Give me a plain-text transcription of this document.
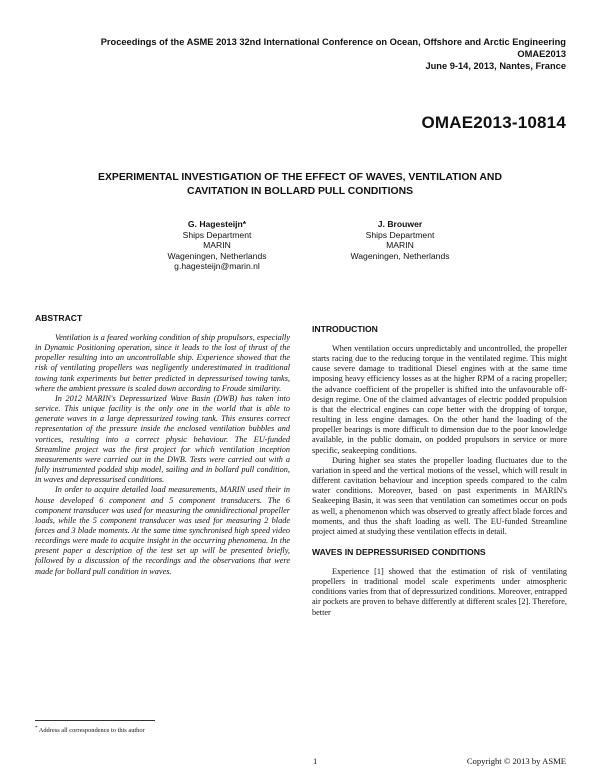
Proceedings of the ASME 2013 32nd International Conference on Ocean, Offshore and Arctic Engineering
OMAE2013
June 9-14, 2013, Nantes, France
OMAE2013-10814
EXPERIMENTAL INVESTIGATION OF THE EFFECT OF WAVES, VENTILATION AND
CAVITATION IN BOLLARD PULL CONDITIONS
G. Hagesteijn*
Ships Department
MARIN
Wageningen, Netherlands
g.hagesteijn@marin.nl
J. Brouwer
Ships Department
MARIN
Wageningen, Netherlands
ABSTRACT

Ventilation is a feared working condition of ship propulsors, especially in Dynamic Positioning operation, since it leads to the lost of thrust of the propeller resulting into an uncontrollable ship. Experience showed that the risk of ventilating propellers was negligently underestimated in traditional towing tank experiments but better predicted in depressurised towing tanks, where the ambient pressure is scaled down according to Froude similarity.

In 2012 MARIN's Depressurized Wave Basin (DWB) has taken into service. This unique facility is the only one in the world that is able to generate waves in a large depressurized towing tank. This ensures correct representation of the pressure inside the enclosed ventilation bubbles and vortices, resulting into a correct physic behaviour. The EU-funded Streamline project was the first project for which ventilation inception measurements were carried out in the DWB. Tests were carried out with a fully instrumented podded ship model, sailing and in bollard pull condition, in waves and depressurised conditions.

In order to acquire detailed load measurements, MARIN used their in house developed 6 component and 5 component transducers. The 6 component transducer was used for measuring the omnidirectional propeller loads, while the 5 component transducer was used for measuring 2 blade forces and 3 blade moments. At the same time synchronised high speed video recordings were made to acquire insight in the occurring phenomena. In the present paper a description of the test set up will be presented briefly, followed by a discussion of the recordings and the observations that were made for bollard pull condition in waves.

INTRODUCTION

When ventilation occurs unpredictably and uncontrolled, the propeller starts racing due to the reducing torque in the ventilated regime. This might cause severe damage to traditional Diesel engines with at the same time imposing heavy efficiency losses as at the higher RPM of a racing propeller; the advance coefficient of the propeller is shifted into the unfavourable off-design regime. One of the claimed advantages of electric podded propulsion is that the electrical engines can cope better with the dropping of torque, resulting in less engine damages. On the other hand the loading of the propeller bearings is more difficult to dimension due to the poor knowledge available, in the public domain, on podded propulsors in service or more specific, seakeeping conditions.

During higher sea states the propeller loading fluctuates due to the variation in speed and the vertical motions of the vessel, which will result in different cavitation behaviour and inception speeds compared to the calm water conditions. Moreover, based on past experiments in MARIN's Seakeeping Basin, it was seen that ventilation can sometimes occur on pods as well, a phenomenon which was observed to greatly affect blade forces and moments, and thus the shaft loading as well. The EU-funded Streamline project aimed at studying these ventilation effects in detail.

WAVES IN DEPRESSURISED CONDITIONS

Experience [1] showed that the estimation of risk of ventilating propellers in traditional model scale experiments under atmospheric conditions varies from that of depressurized conditions. Moreover, entrapped air pockets are proven to behave differently at different scales [2]. Therefore, better

* Address all correspondence to this author
1	Copyright © 2013 by ASME
